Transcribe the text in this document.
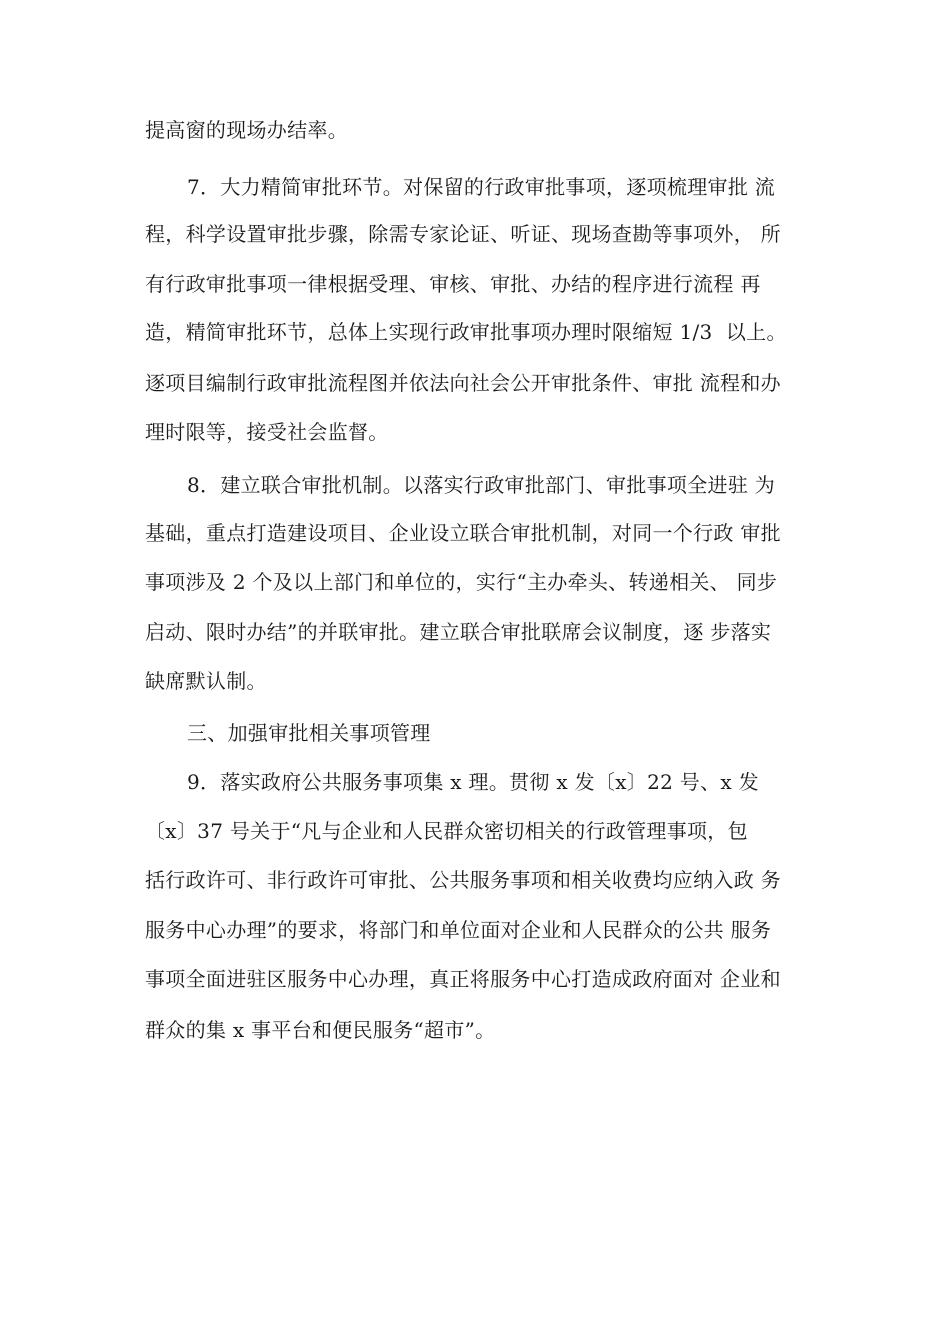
提高窗的现场办结率。
7．大力精简审批环节。对保留的行政审批事项，逐项梳理审批 流
程，科学设置审批步骤，除需专家论证、听证、现场查勘等事项外， 所
有行政审批事项一律根据受理、审核、审批、办结的程序进行流程 再
造，精简审批环节，总体上实现行政审批事项办理时限缩短 1/3  以上。
逐项目编制行政审批流程图并依法向社会公开审批条件、审批 流程和办
理时限等，接受社会监督。
8．建立联合审批机制。以落实行政审批部门、审批事项全进驻 为
基础，重点打造建设项目、企业设立联合审批机制，对同一个行政 审批
事项涉及 2 个及以上部门和单位的，实行“主办牵头、转递相关、 同步
启动、限时办结”的并联审批。建立联合审批联席会议制度，逐 步落实
缺席默认制。
三、加强审批相关事项管理
9．落实政府公共服务事项集 x 理。贯彻 x 发〔x〕22 号、x 发
〔x〕37 号关于“凡与企业和人民群众密切相关的行政管理事项，包
括行政许可、非行政许可审批、公共服务事项和相关收费均应纳入政 务
服务中心办理”的要求，将部门和单位面对企业和人民群众的公共 服务
事项全面进驻区服务中心办理，真正将服务中心打造成政府面对 企业和
群众的集 x 事平台和便民服务“超市”。
